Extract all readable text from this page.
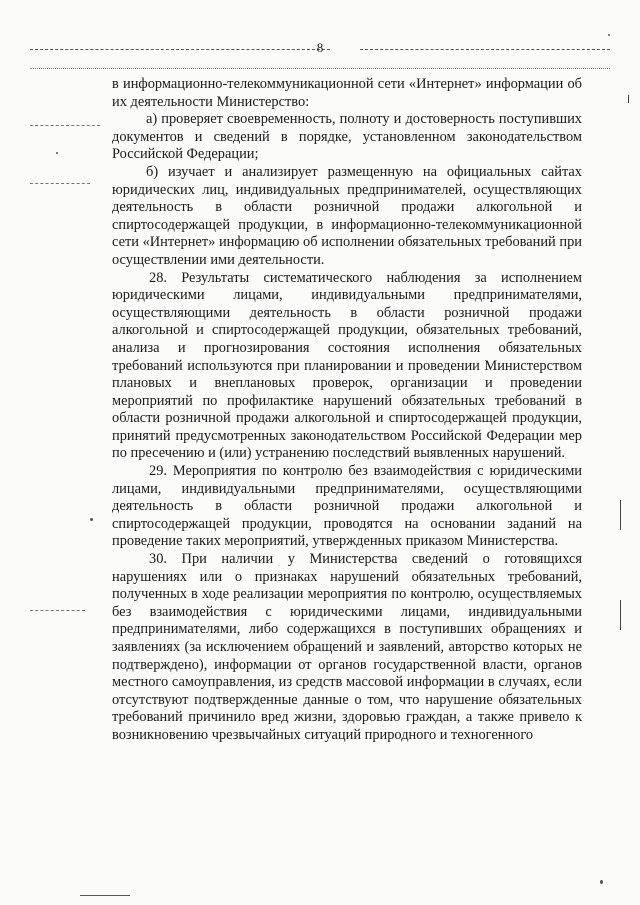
8

в информационно-телекоммуникационной сети «Интернет» информации об их деятельности Министерство:

а) проверяет своевременность, полноту и достоверность поступивших документов и сведений в порядке, установленном законодательством Российской Федерации;

б) изучает и анализирует размещенную на официальных сайтах юридических лиц, индивидуальных предпринимателей, осуществляющих деятельность в области розничной продажи алкогольной и спиртосодержащей продукции, в информационно-телекоммуникационной сети «Интернет» информацию об исполнении обязательных требований при осуществлении ими деятельности.

28. Результаты систематического наблюдения за исполнением юридическими лицами, индивидуальными предпринимателями, осуществляющими деятельность в области розничной продажи алкогольной и спиртосодержащей продукции, обязательных требований, анализа и прогнозирования состояния исполнения обязательных требований используются при планировании и проведении Министерством плановых и внеплановых проверок, организации и проведении мероприятий по профилактике нарушений обязательных требований в области розничной продажи алкогольной и спиртосодержащей продукции, принятий предусмотренных законодательством Российской Федерации мер по пресечению и (или) устранению последствий выявленных нарушений.

29. Мероприятия по контролю без взаимодействия с юридическими лицами, индивидуальными предпринимателями, осуществляющими деятельность в области розничной продажи алкогольной и спиртосодержащей продукции, проводятся на основании заданий на проведение таких мероприятий, утвержденных приказом Министерства.

30. При наличии у Министерства сведений о готовящихся нарушениях или о признаках нарушений обязательных требований, полученных в ходе реализации мероприятия по контролю, осуществляемых без взаимодействия с юридическими лицами, индивидуальными предпринимателями, либо содержащихся в поступивших обращениях и заявлениях (за исключением обращений и заявлений, авторство которых не подтверждено), информации от органов государственной власти, органов местного самоуправления, из средств массовой информации в случаях, если отсутствуют подтвержденные данные о том, что нарушение обязательных требований причинило вред жизни, здоровью граждан, а также привело к возникновению чрезвычайных ситуаций природного и техногенного
